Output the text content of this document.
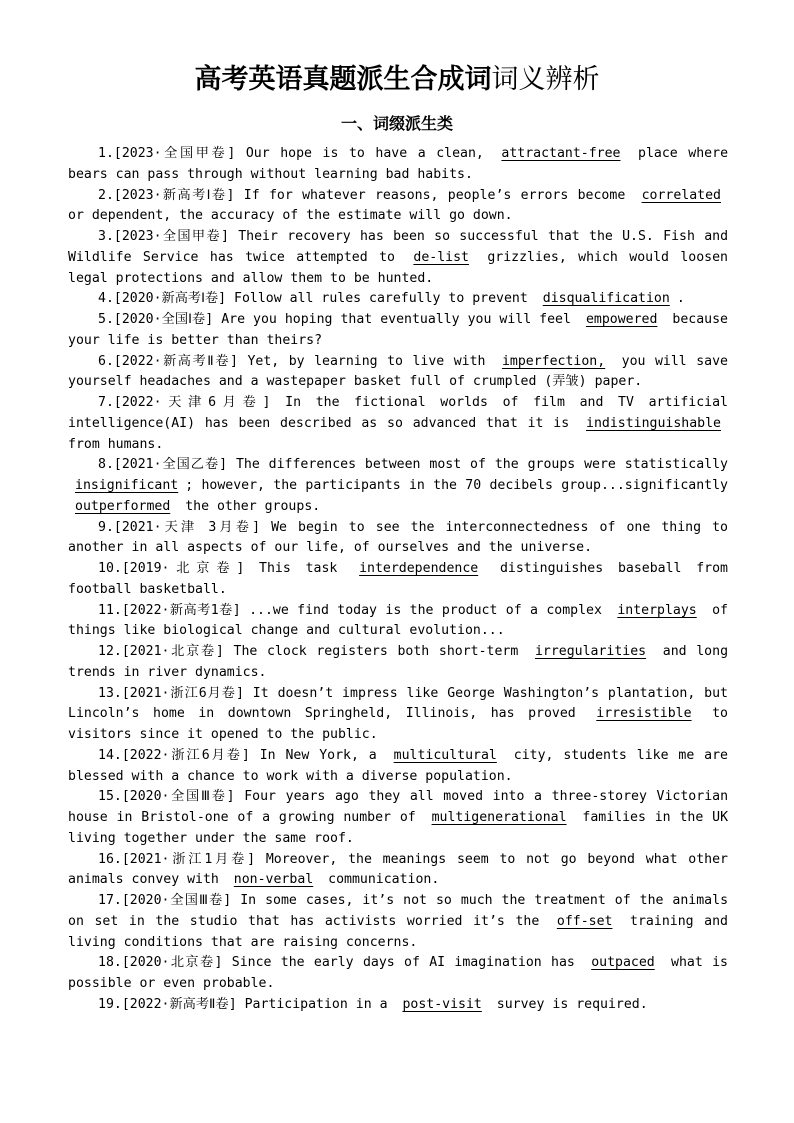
高考英语真题派生合成词词义辨析
一、词缀派生类

1.[2023·全国甲卷] Our hope is to have a clean, attractant-free place where bears can pass through without learning bad habits.

2.[2023·新高考Ⅰ卷] If for whatever reasons, people’s errors become correlated or dependent, the accuracy of the estimate will go down.

3.[2023·全国甲卷] Their recovery has been so successful that the U.S. Fish and Wildlife Service has twice attempted to de-list grizzlies, which would loosen legal protections and allow them to be hunted.

4.[2020·新高考Ⅰ卷] Follow all rules carefully to prevent disqualification .

5.[2020·全国Ⅰ卷] Are you hoping that eventually you will feel empowered because your life is better than theirs?

6.[2022·新高考Ⅱ卷] Yet, by learning to live with imperfection, you will save yourself headaches and a wastepaper basket full of crumpled (弄皱) paper.

7.[2022·天津6月卷] In the fictional worlds of film and TV artificial intelligence(AI) has been described as so advanced that it is indistinguishable from humans.

8.[2021·全国乙卷] The differences between most of the groups were statistically insignificant ; however, the participants in the 70 decibels group...significantly outperformed the other groups.

9.[2021·天津 3月卷] We begin to see the interconnectedness of one thing to another in all aspects of our life, of ourselves and the universe.

10.[2019·北京卷] This task interdependence distinguishes baseball from football basketball.

11.[2022·新高考1卷] ...we find today is the product of a complex interplays of things like biological change and cultural evolution...

12.[2021·北京卷] The clock registers both short-term irregularities and long trends in river dynamics.

13.[2021·浙江6月卷] It doesn’t impress like George Washington’s plantation, but Lincoln’s home in downtown Springheld, Illinois, has proved irresistible to visitors since it opened to the public.

14.[2022·浙江6月卷] In New York, a multicultural city, students like me are blessed with a chance to work with a diverse population.

15.[2020·全国Ⅲ卷] Four years ago they all moved into a three-storey Victorian house in Bristol-one of a growing number of multigenerational families in the UK living together under the same roof.

16.[2021·浙江1月卷] Moreover, the meanings seem to not go beyond what other animals convey with non-verbal communication.

17.[2020·全国Ⅲ卷] In some cases, it’s not so much the treatment of the animals on set in the studio that has activists worried it’s the off-set training and living conditions that are raising concerns.

18.[2020·北京卷] Since the early days of AI imagination has outpaced what is possible or even probable.

19.[2022·新高考Ⅱ卷] Participation in a post-visit survey is required.
